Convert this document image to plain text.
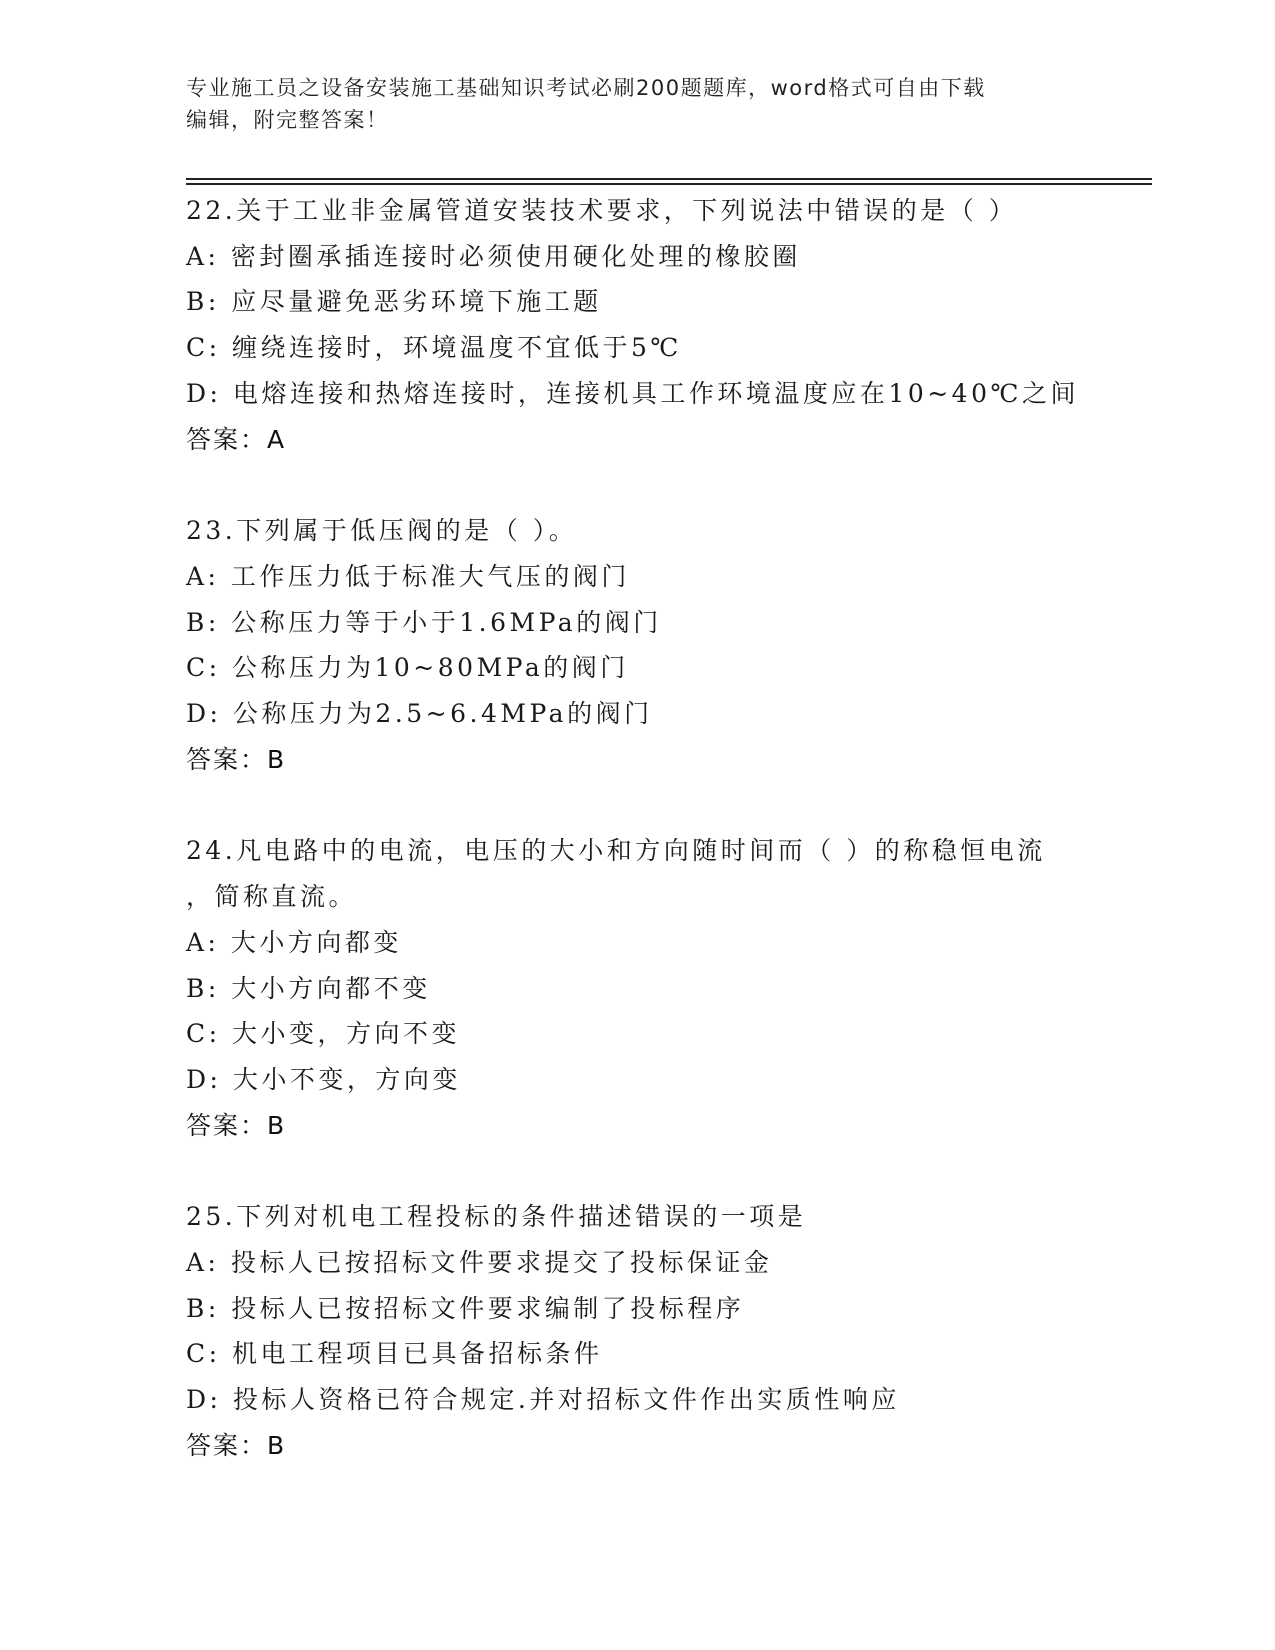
专业施工员之设备安装施工基础知识考试必刷200题题库，word格式可自由下载
编辑，附完整答案！
22.关于工业非金属管道安装技术要求，下列说法中错误的是（ ）
A: 密封圈承插连接时必须使用硬化处理的橡胶圈
B: 应尽量避免恶劣环境下施工题
C: 缠绕连接时，环境温度不宜低于5℃
D: 电熔连接和热熔连接时，连接机具工作环境温度应在10~40℃之间
答案：A
23.下列属于低压阀的是（ ）。
A: 工作压力低于标准大气压的阀门
B: 公称压力等于小于1.6MPa的阀门
C: 公称压力为10~80MPa的阀门
D: 公称压力为2.5~6.4MPa的阀门
答案：B
24.凡电路中的电流，电压的大小和方向随时间而（ ）的称稳恒电流
，简称直流。
A: 大小方向都变
B: 大小方向都不变
C: 大小变，方向不变
D: 大小不变，方向变
答案：B
25.下列对机电工程投标的条件描述错误的一项是
A: 投标人已按招标文件要求提交了投标保证金
B: 投标人已按招标文件要求编制了投标程序
C: 机电工程项目已具备招标条件
D: 投标人资格已符合规定.并对招标文件作出实质性响应
答案：B
